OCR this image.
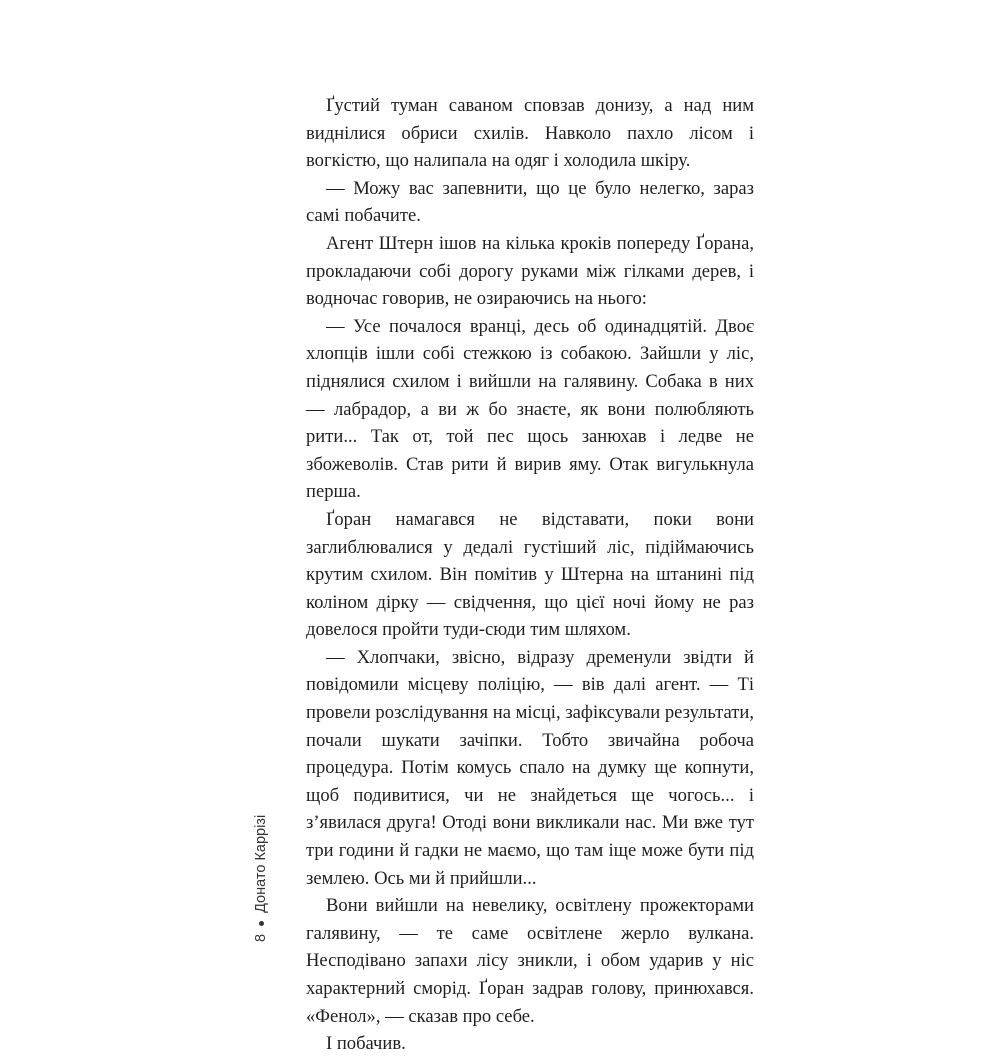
Ґустий туман саваном сповзав донизу, а над ним виднілися обриси схилів. Навколо пахло лісом і вогкістю, що налипала на одяг і холодила шкіру.

— Можу вас запевнити, що це було нелегко, зараз самі побачите.

Агент Штерн ішов на кілька кроків попереду Ґорана, прокладаючи собі дорогу руками між гілками дерев, і водночас говорив, не озираючись на нього:

— Усе почалося вранці, десь об одинадцятій. Двоє хлопців ішли собі стежкою із собакою. Зайшли у ліс, піднялися схилом і вийшли на галявину. Собака в них — лабрадор, а ви ж бо знаєте, як вони полюбляють рити... Так от, той пес щось занюхав і ледве не збожеволів. Став рити й вирив яму. Отак вигулькнула перша.

Ґоран намагався не відставати, поки вони заглиблювалися у дедалі густіший ліс, підіймаючись крутим схилом. Він помітив у Штерна на штанині під коліном дірку — свідчення, що цієї ночі йому не раз довелося пройти туди-сюди тим шляхом.

— Хлопчаки, звісно, відразу дременули звідти й повідомили місцеву поліцію, — вів далі агент. — Ті провели розслідування на місці, зафіксували результати, почали шукати зачіпки. Тобто звичайна робоча процедура. Потім комусь спало на думку ще копнути, щоб подивитися, чи не знайдеться ще чогось... і з’явилася друга! Отоді вони викликали нас. Ми вже тут три години й гадки не маємо, що там іще може бути під землею. Ось ми й прийшли...

Вони вийшли на невелику, освітлену прожекторами галявину, — те саме освітлене жерло вулкана. Несподівано запахи лісу зникли, і обом ударив у ніс характерний сморід. Ґоран задрав голову, принюхався. «Фенол», — сказав про себе.

І побачив.

8Донато Каррізі
